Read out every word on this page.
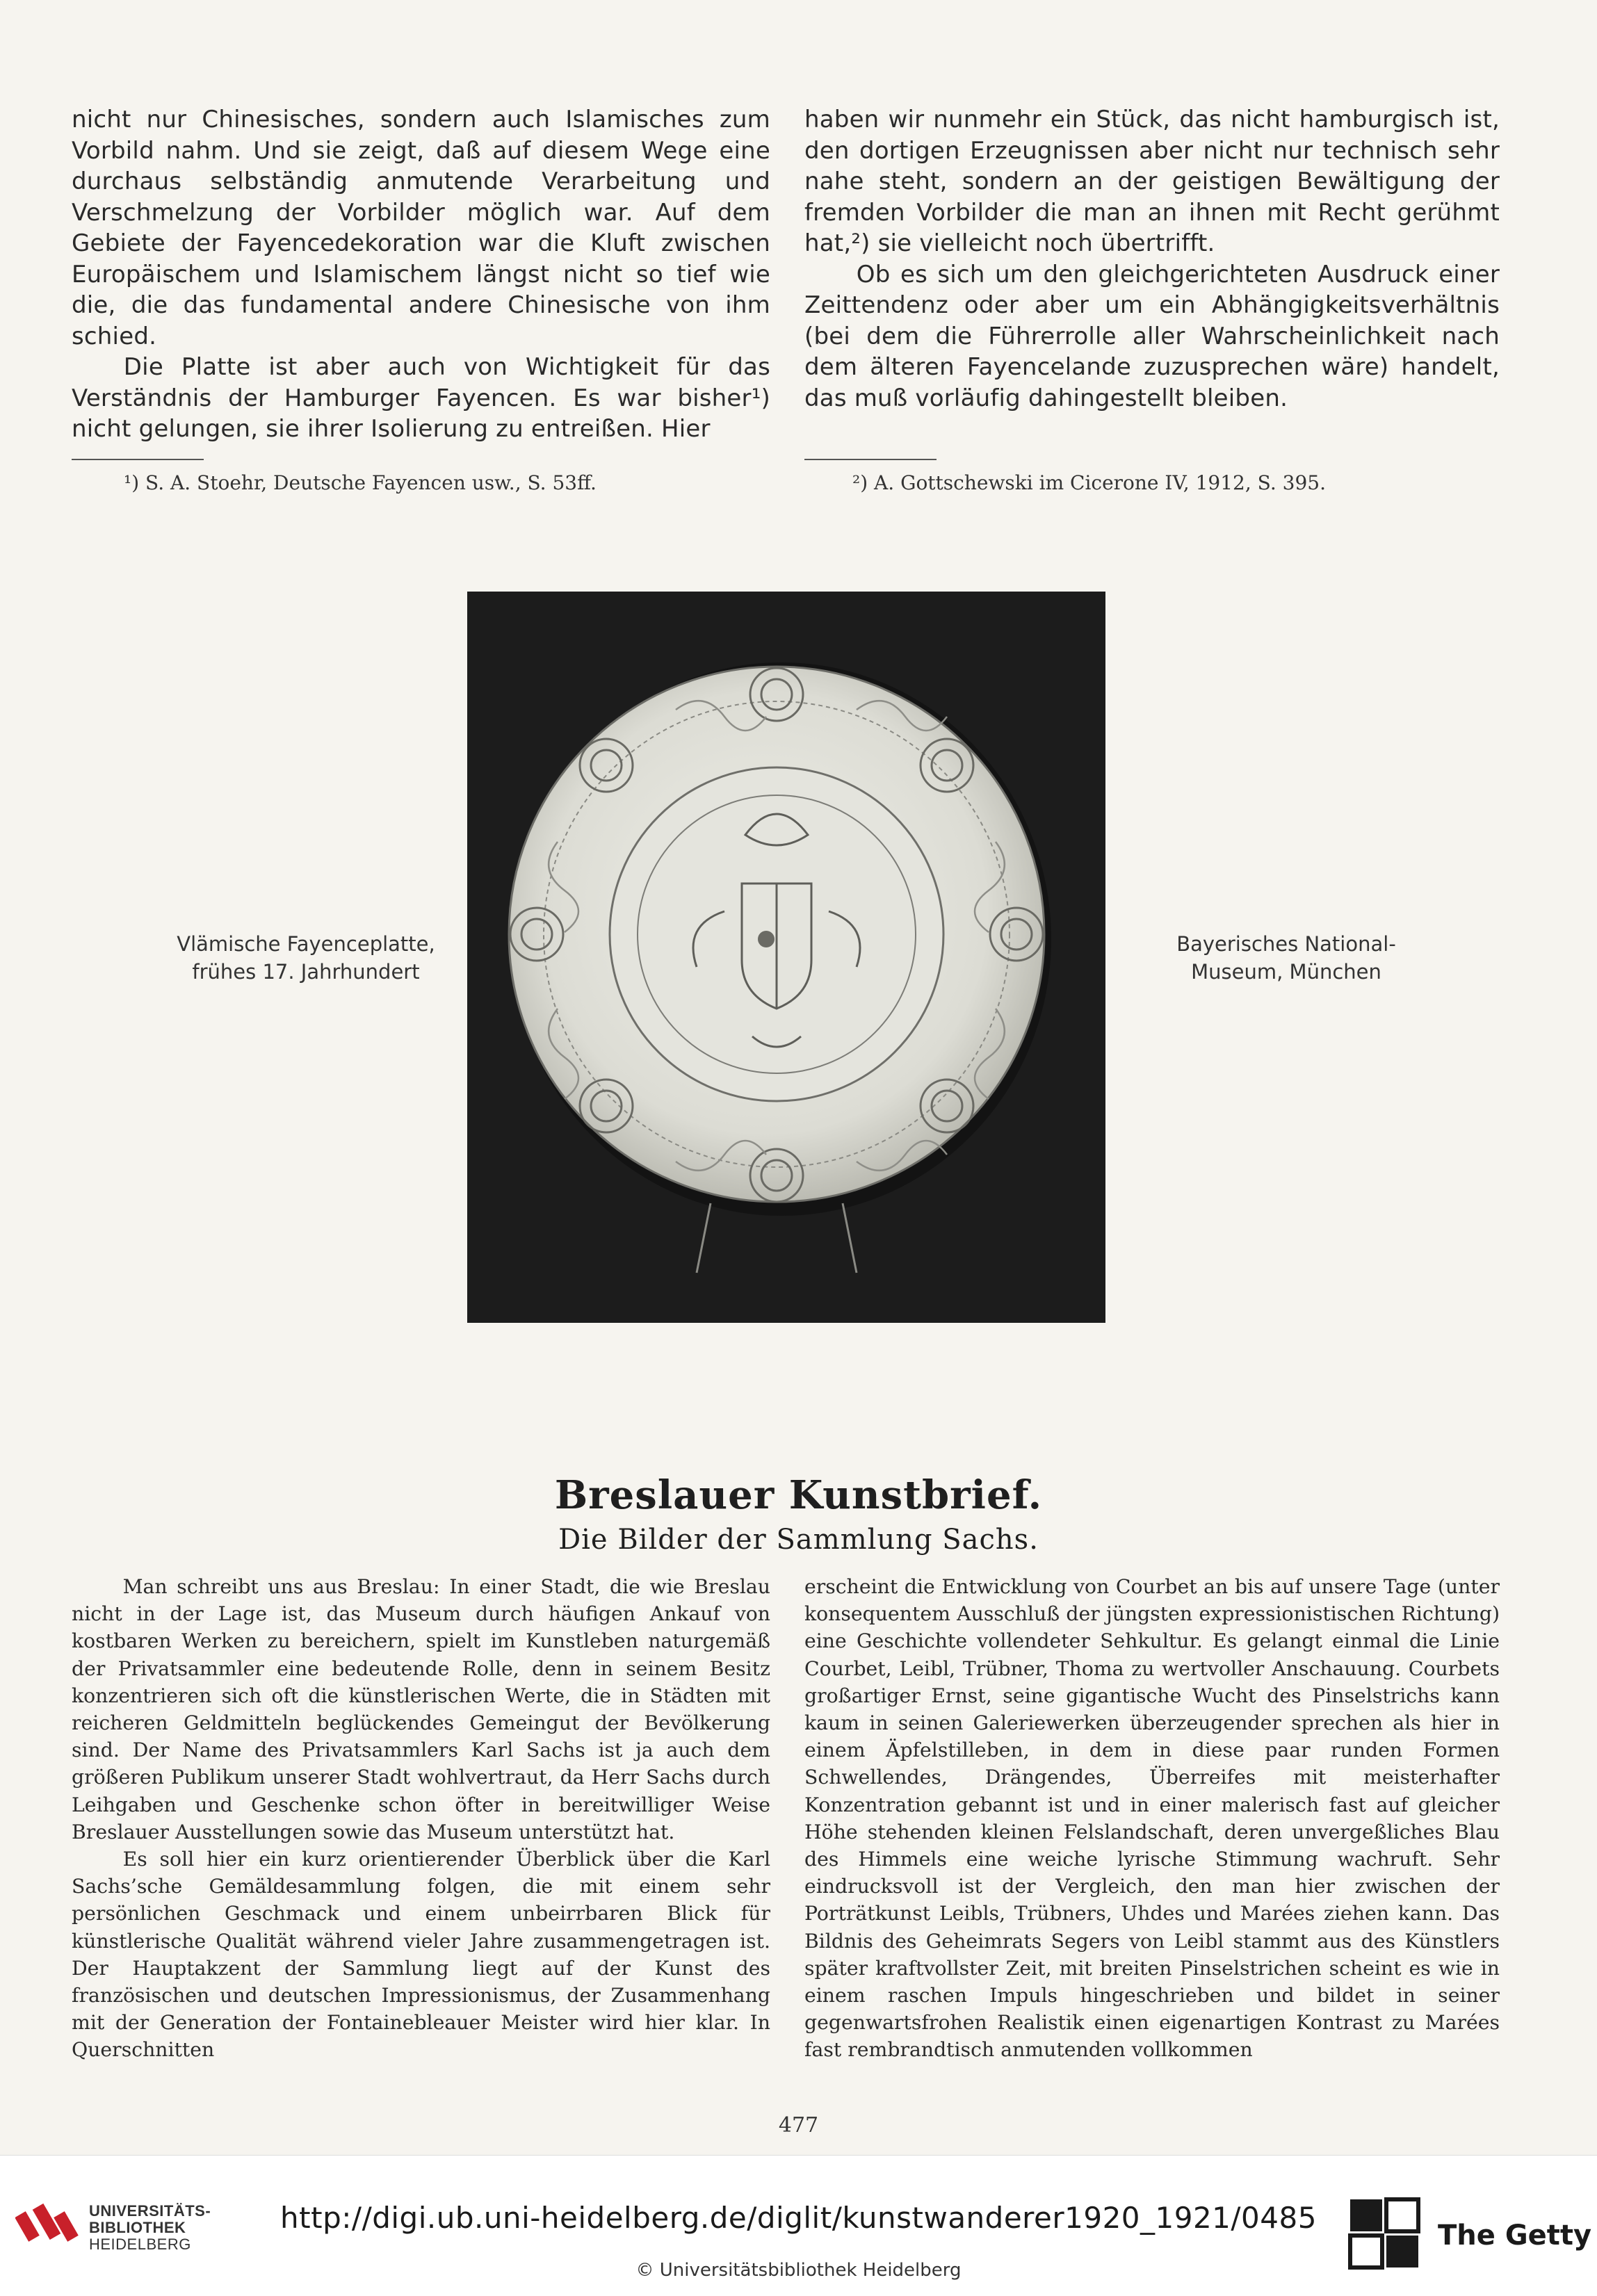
nicht nur Chinesisches, sondern auch Islamisches zum Vorbild nahm. Und sie zeigt, daß auf diesem Wege eine durchaus selbständig anmutende Verarbeitung und Verschmelzung der Vorbilder möglich war. Auf dem Gebiete der Fayencedekoration war die Kluft zwischen Europäischem und Islamischem längst nicht so tief wie die, die das fundamental andere Chinesische von ihm schied.

Die Platte ist aber auch von Wichtigkeit für das Verständnis der Hamburger Fayencen. Es war bisher¹) nicht gelungen, sie ihrer Isolierung zu entreißen. Hier

haben wir nunmehr ein Stück, das nicht hamburgisch ist, den dortigen Erzeugnissen aber nicht nur technisch sehr nahe steht, sondern an der geistigen Bewältigung der fremden Vorbilder die man an ihnen mit Recht gerühmt hat,²) sie vielleicht noch übertrifft.

Ob es sich um den gleichgerichteten Ausdruck einer Zeittendenz oder aber um ein Abhängigkeitsverhältnis (bei dem die Führerrolle aller Wahrscheinlichkeit nach dem älteren Fayencelande zuzusprechen wäre) handelt, das muß vorläufig dahingestellt bleiben.

¹) S. A. Stoehr, Deutsche Fayencen usw., S. 53ff.	²) A. Gottschewski im Cicerone IV, 1912, S. 395.
Vlämische Fayenceplatte,
frühes 17. Jahrhundert
Bayerisches National-
Museum, München
Breslauer Kunstbrief.
Die Bilder der Sammlung Sachs.

Man schreibt uns aus Breslau: In einer Stadt, die wie Breslau nicht in der Lage ist, das Museum durch häufigen Ankauf von kostbaren Werken zu bereichern, spielt im Kunstleben naturgemäß der Privatsammler eine bedeutende Rolle, denn in seinem Besitz konzentrieren sich oft die künstlerischen Werte, die in Städten mit reicheren Geldmitteln beglückendes Gemeingut der Bevölkerung sind. Der Name des Privatsammlers Karl Sachs ist ja auch dem größeren Publikum unserer Stadt wohlvertraut, da Herr Sachs durch Leihgaben und Geschenke schon öfter in bereitwilliger Weise Breslauer Ausstellungen sowie das Museum unterstützt hat.

Es soll hier ein kurz orientierender Überblick über die Karl Sachs’sche Gemäldesammlung folgen, die mit einem sehr persönlichen Geschmack und einem unbeirrbaren Blick für künstlerische Qualität während vieler Jahre zusammengetragen ist. Der Hauptakzent der Sammlung liegt auf der Kunst des französischen und deutschen Impressionismus, der Zusammenhang mit der Generation der Fontainebleauer Meister wird hier klar. In Querschnitten

erscheint die Entwicklung von Courbet an bis auf unsere Tage (unter konsequentem Ausschluß der jüngsten expressionistischen Richtung) eine Geschichte vollendeter Sehkultur. Es gelangt einmal die Linie Courbet, Leibl, Trübner, Thoma zu wertvoller Anschauung. Courbets großartiger Ernst, seine gigantische Wucht des Pinselstrichs kann kaum in seinen Galeriewerken überzeugender sprechen als hier in einem Äpfelstilleben, in dem in diese paar runden Formen Schwellendes, Drängendes, Überreifes mit meisterhafter Konzentration gebannt ist und in einer malerisch fast auf gleicher Höhe stehenden kleinen Felslandschaft, deren unvergeßliches Blau des Himmels eine weiche lyrische Stimmung wachruft. Sehr eindrucksvoll ist der Vergleich, den man hier zwischen der Porträtkunst Leibls, Trübners, Uhdes und Marées ziehen kann. Das Bildnis des Geheimrats Segers von Leibl stammt aus des Künstlers später kraftvollster Zeit, mit breiten Pinselstrichen scheint es wie in einem raschen Impuls hingeschrieben und bildet in seiner gegenwartsfrohen Realistik einen eigenartigen Kontrast zu Marées fast rembrandtisch anmutenden vollkommen

477
UNIVERSITÄTS-
BIBLIOTHEK
HEIDELBERG
http://digi.ub.uni-heidelberg.de/diglit/kunstwanderer1920_1921/0485
© Universitätsbibliothek Heidelberg
The Getty
